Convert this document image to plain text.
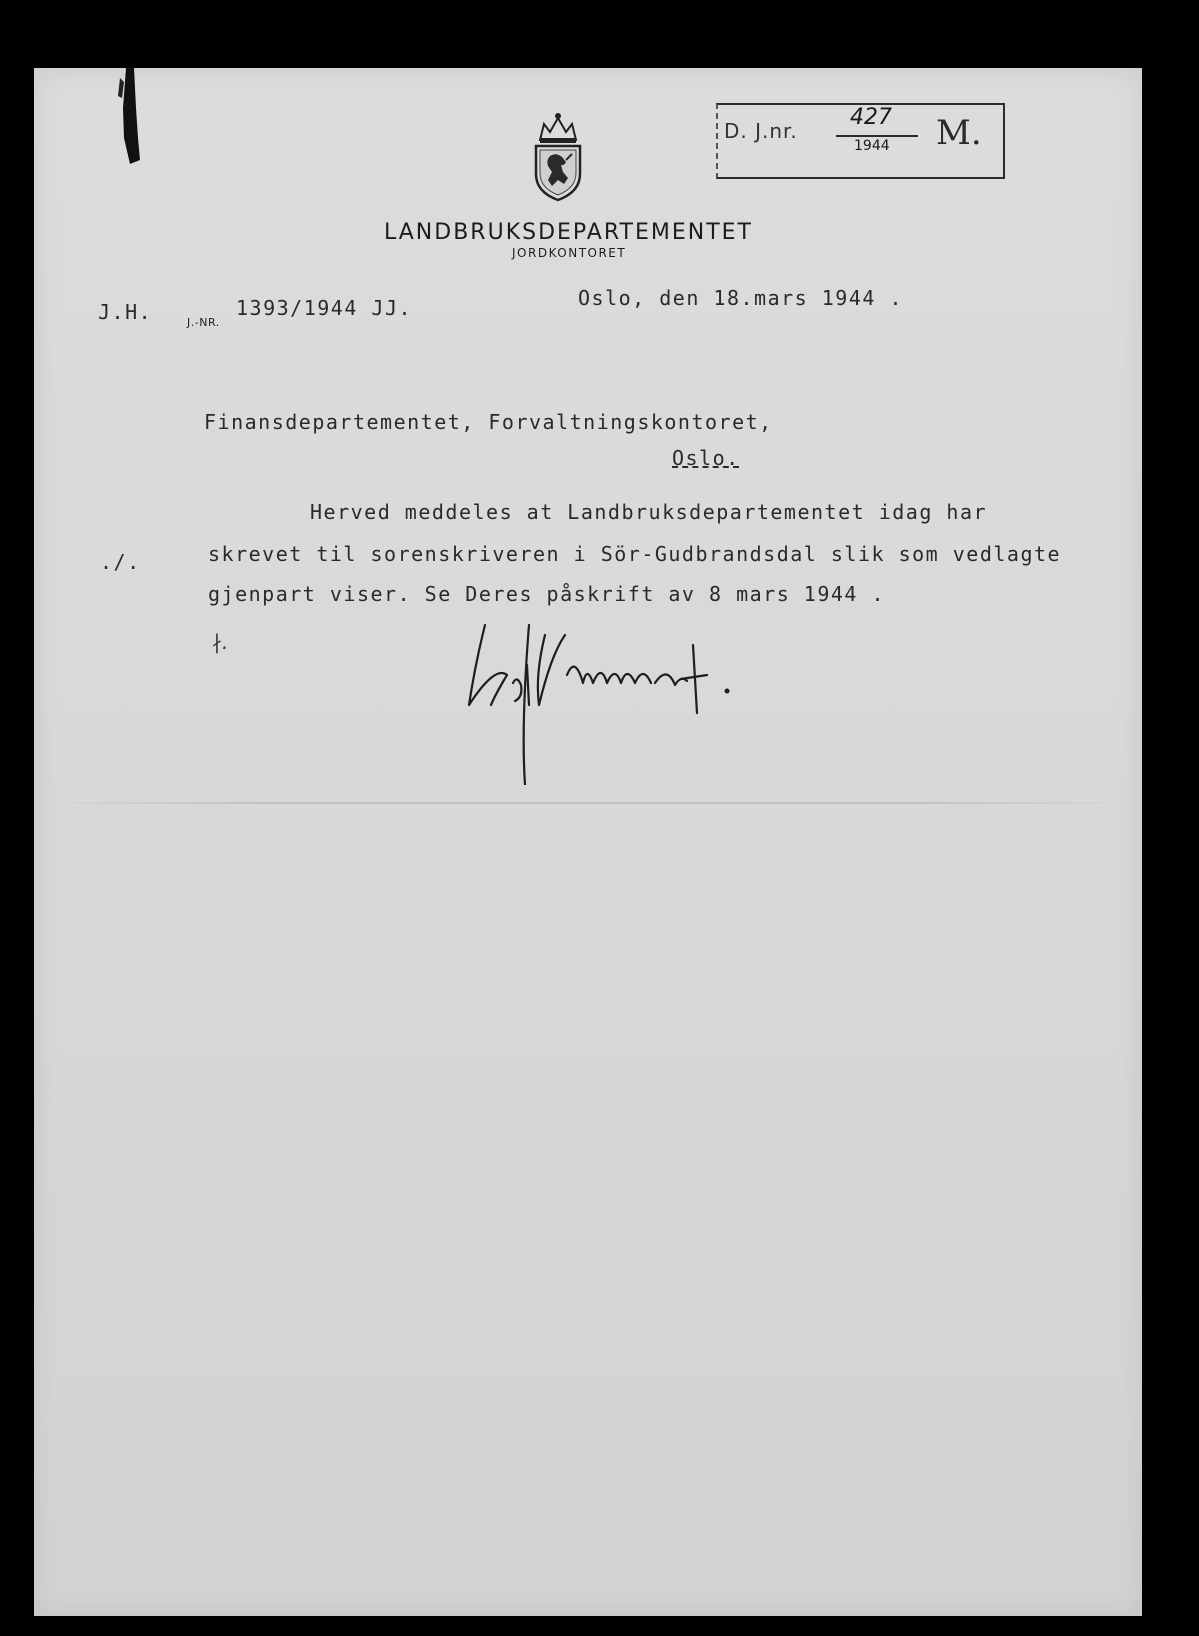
LANDBRUKSDEPARTEMENTET
JORDKONTORET
D. J.nr.
427
1944 M.
J.H.	J.-NR.
1393/1944 JJ.	Oslo, den 18.mars 1944 .
Finansdepartementet, Forvaltningskontoret,
Oslo.
Herved meddeles at Landbruksdepartementet idag har
./.	skrevet til sorenskriveren i Sör-Gudbrandsdal slik som vedlagte
gjenpart viser. Se Deres påskrift av 8 mars 1944 .
∤.
